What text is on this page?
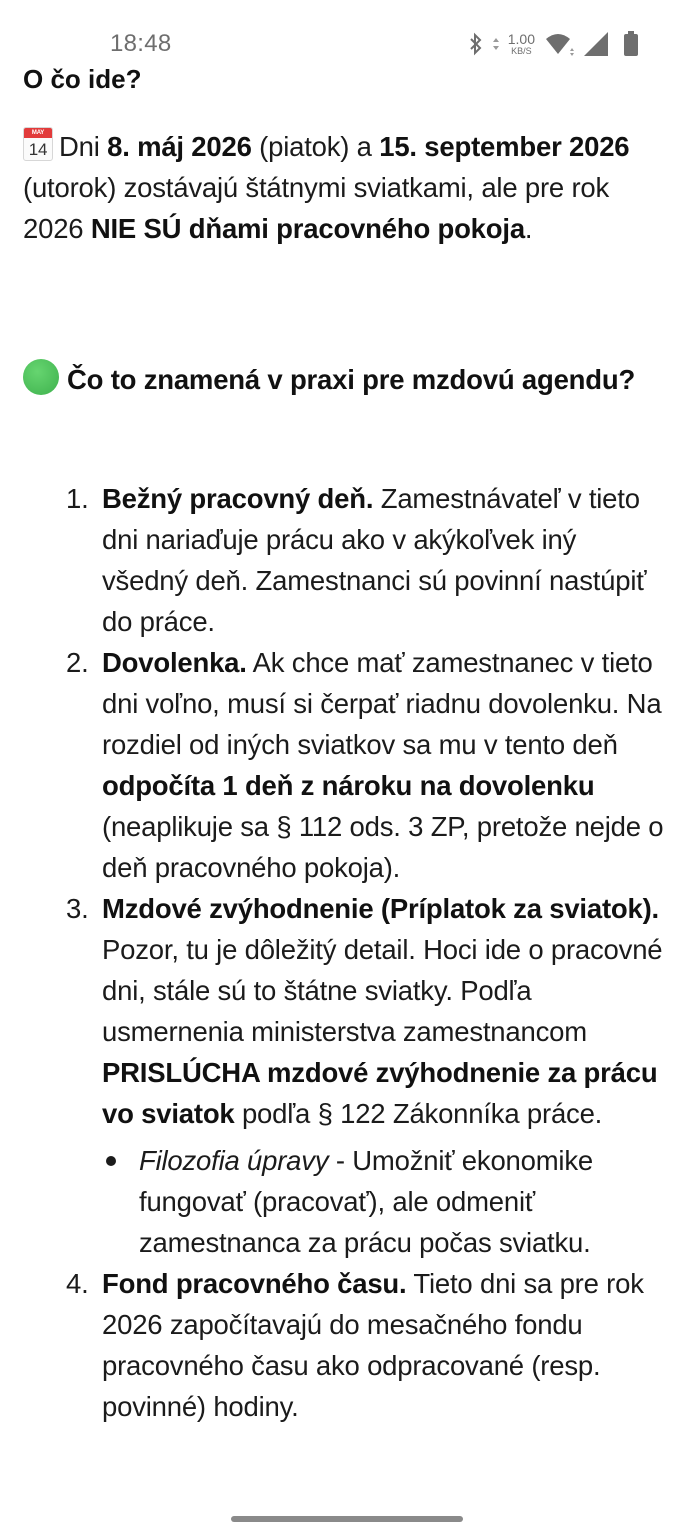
O čo ide?

MAY
14 Dni 8. máj 2026 (piatok) a 15. september 2026 (utorok) zostávajú štátnymi sviatkami, ale pre rok 2026 NIE SÚ dňami pracovného pokoja.

Čo to znamená v praxi pre mzdovú agendu?
1. Bežný pracovný deň. Zamestnávateľ v tieto dni nariaďuje prácu ako v akýkoľvek iný všedný deň. Zamestnanci sú povinní nastúpiť do práce.
2. Dovolenka. Ak chce mať zamestnanec v tieto dni voľno, musí si čerpať riadnu dovolenku. Na rozdiel od iných sviatkov sa mu v tento deň odpočíta 1 deň z nároku na dovolenku (neaplikuje sa § 112 ods. 3 ZP, pretože nejde o deň pracovného pokoja).
3. Mzdové zvýhodnenie (Príplatok za sviatok). Pozor, tu je dôležitý detail. Hoci ide o pracovné dni, stále sú to štátne sviatky. Podľa usmernenia ministerstva zamestnancom PRISLÚCHA mzdové zvýhodnenie za prácu vo sviatok podľa § 122 Zákonníka práce.
Filozofia úpravy - Umožniť ekonomike fungovať (pracovať), ale odmeniť zamestnanca za prácu počas sviatku.
4. Fond pracovného času. Tieto dni sa pre rok 2026 započítavajú do mesačného fondu pracovného času ako odpracované (resp. povinné) hodiny.
18:48	1.00
KB/S
